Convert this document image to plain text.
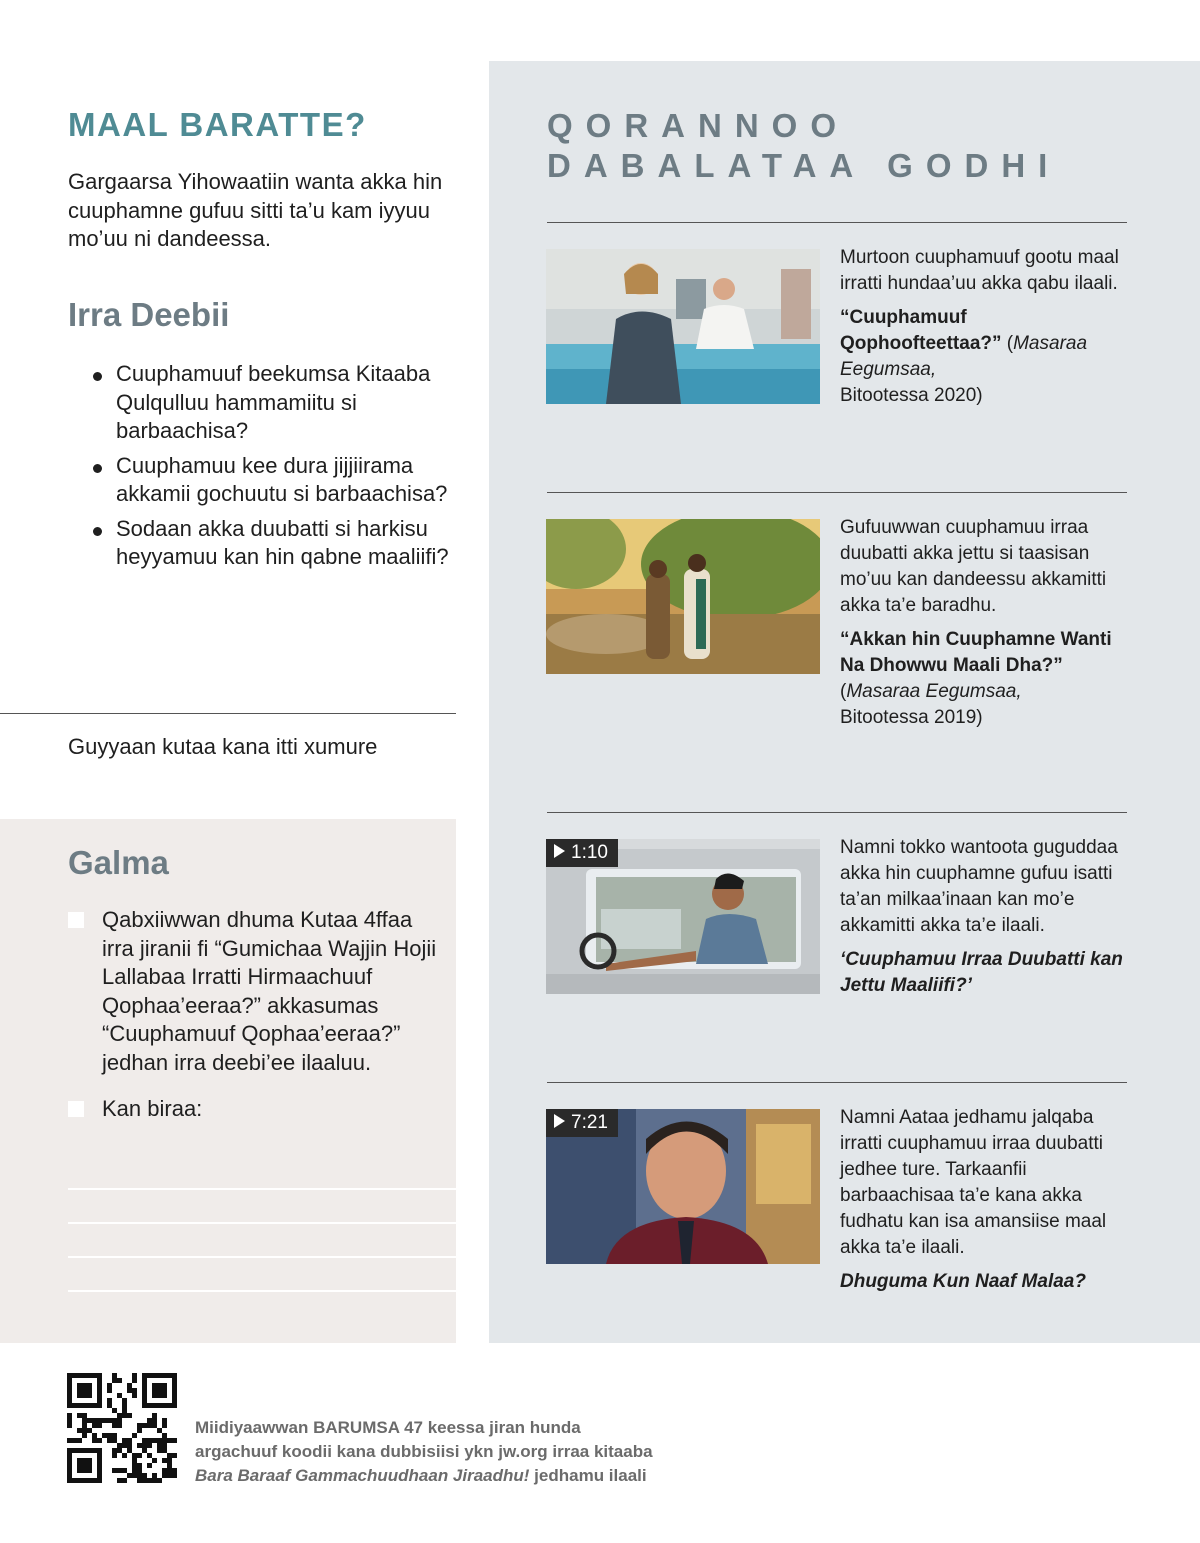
MAAL BARATTE?

Gargaarsa Yihowaatiin wanta akka hin cuuphamne gufuu sitti ta’u kam iyyuu mo’uu ni dandeessa.

Irra Deebii
Cuuphamuuf beekumsa Kitaaba Qulqulluu hammamiitu si barbaachisa?
Cuuphamuu kee dura jijjiirama akkamii gochuutu si barbaachisa?
Sodaan akka duubatti si harkisu heyyamuu kan hin qabne maaliifi?

Guyyaan kutaa kana itti xumure

Galma
Qabxiiwwan dhuma Kutaa 4ffaa irra jiranii fi “Gumichaa Wajjin Hojii Lallabaa Irratti Hirmaachuuf Qophaa’eeraa?” akkasumas “Cuuphamuuf Qophaa’eeraa?” jedhan irra deebi’ee ilaaluu.
Kan biraa:
QORANNOO
DABALATAA GODHI

Murtoon cuuphamuuf gootu maal irratti hundaa’uu akka qabu ilaali.

“Cuuphamuuf Qophoofteettaa?” (Masaraa Eegumsaa,
Bitootessa 2020)

Gufuuwwan cuuphamuu irraa duubatti akka jettu si taasisan mo’uu kan dandeessu akkamitti akka ta’e baradhu.

“Akkan hin Cuuphamne Wanti Na Dhowwu Maali Dha?” (Masaraa Eegumsaa,
Bitootessa 2019)

1:10	Namni tokko wantoota guguddaa akka hin cuuphamne gufuu isatti ta’an milkaa’inaan kan mo’e akkamitti akka ta’e ilaali.

‘Cuuphamuu Irraa Duubatti kan Jettu Maaliifi?’

7:21	Namni Aataa jedhamu jalqaba irratti cuuphamuu irraa duubatti jedhee ture. Tarkaanfii barbaachisaa ta’e kana akka fudhatu kan isa amansiise maal akka ta’e ilaali.

Dhuguma Kun Naaf Malaa?

Miidiyaawwan BARUMSA 47 keessa jiran hunda
argachuuf koodii kana dubbisiisi ykn jw.org irraa kitaaba
Bara Baraaf Gammachuudhaan Jiraadhu! jedhamu ilaali
